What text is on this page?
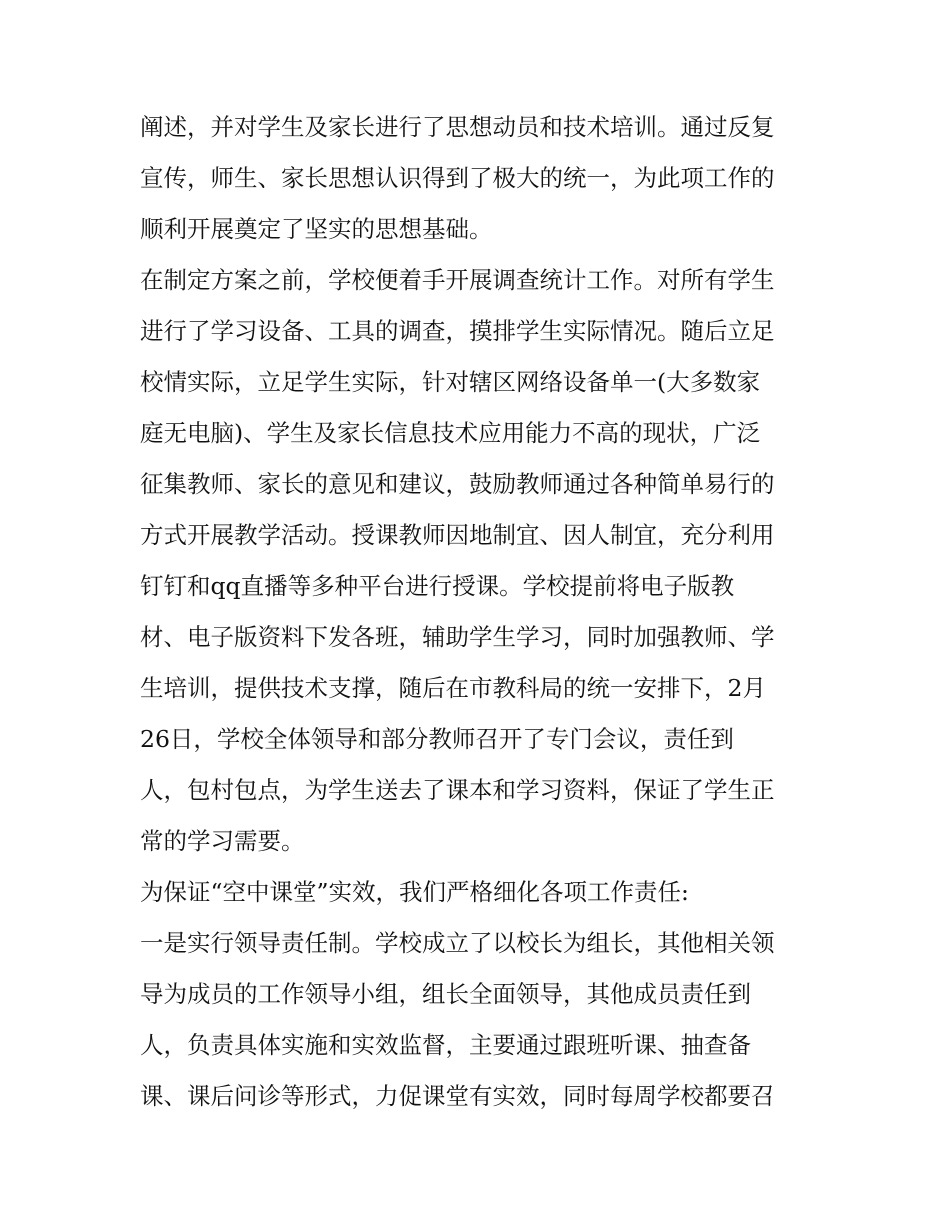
阐述，并对学生及家长进行了思想动员和技术培训。通过反复
宣传，师生、家长思想认识得到了极大的统一，为此项工作的
顺利开展奠定了坚实的思想基础。
在制定方案之前，学校便着手开展调查统计工作。对所有学生
进行了学习设备、工具的调查，摸排学生实际情况。随后立足
校情实际，立足学生实际，针对辖区网络设备单一(大多数家
庭无电脑)、学生及家长信息技术应用能力不高的现状，广泛
征集教师、家长的意见和建议，鼓励教师通过各种简单易行的
方式开展教学活动。授课教师因地制宜、因人制宜，充分利用
钉钉和qq直播等多种平台进行授课。学校提前将电子版教
材、电子版资料下发各班，辅助学生学习，同时加强教师、学
生培训，提供技术支撑，随后在市教科局的统一安排下，2月
26日，学校全体领导和部分教师召开了专门会议，责任到
人，包村包点，为学生送去了课本和学习资料，保证了学生正
常的学习需要。
为保证“空中课堂”实效，我们严格细化各项工作责任:
一是实行领导责任制。学校成立了以校长为组长，其他相关领
导为成员的工作领导小组，组长全面领导，其他成员责任到
人，负责具体实施和实效监督，主要通过跟班听课、抽查备
课、课后问诊等形式，力促课堂有实效，同时每周学校都要召
